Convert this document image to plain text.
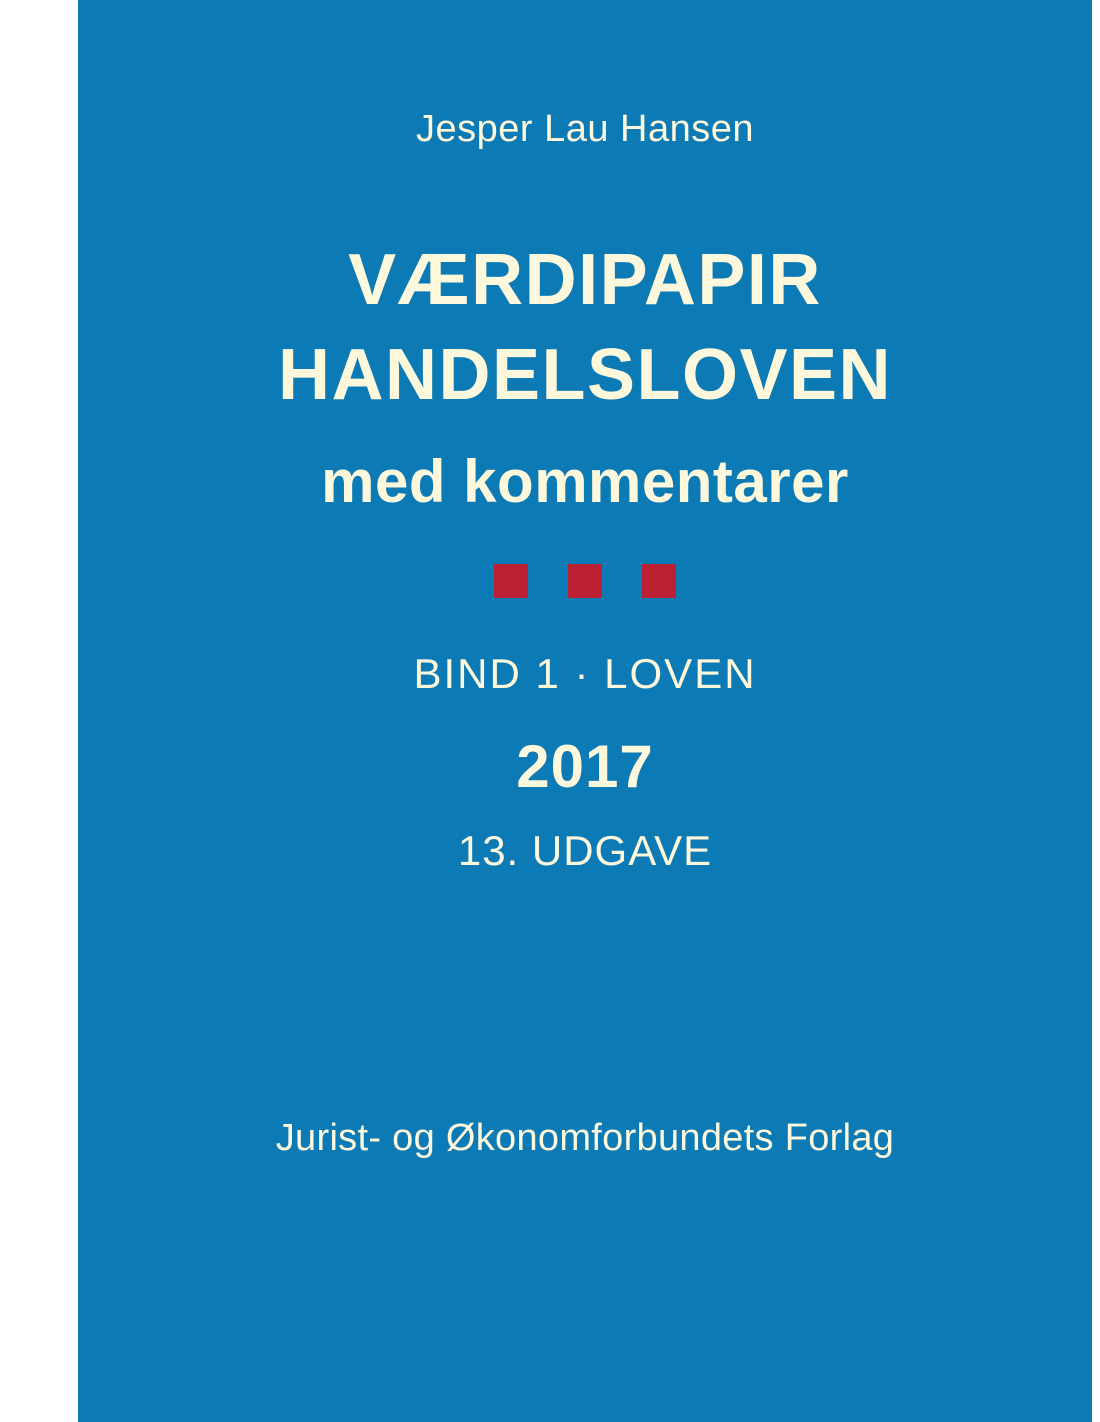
Jesper Lau Hansen
VÆRDIPAPIR
HANDELSLOVEN
med kommentarer
BIND 1 · LOVEN
2017
13. UDGAVE
Jurist- og Økonomforbundets Forlag
